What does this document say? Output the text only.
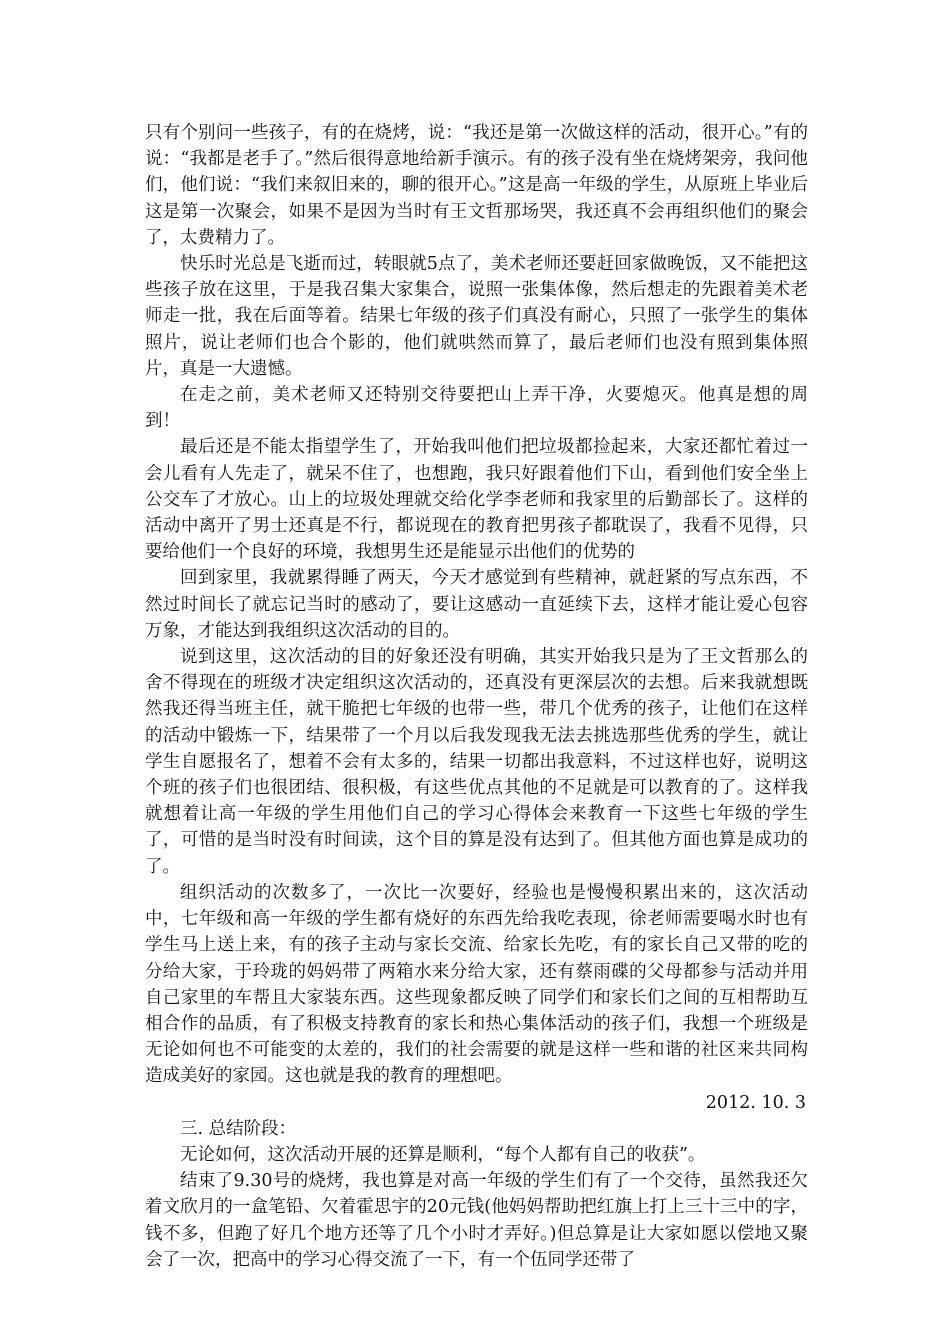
只有个别问一些孩子，有的在烧烤，说：“我还是第一次做这样的活动，很开心。”有的说：“我都是老手了。”然后很得意地给新手演示。有的孩子没有坐在烧烤架旁，我问他们，他们说：“我们来叙旧来的，聊的很开心。”这是高一年级的学生，从原班上毕业后这是第一次聚会，如果不是因为当时有王文哲那场哭，我还真不会再组织他们的聚会了，太费精力了。

快乐时光总是飞逝而过，转眼就5点了，美术老师还要赶回家做晚饭，又不能把这些孩子放在这里，于是我召集大家集合，说照一张集体像，然后想走的先跟着美术老师走一批，我在后面等着。结果七年级的孩子们真没有耐心，只照了一张学生的集体照片，说让老师们也合个影的，他们就哄然而算了，最后老师们也没有照到集体照片，真是一大遗憾。

在走之前，美术老师又还特别交待要把山上弄干净，火要熄灭。他真是想的周到！

最后还是不能太指望学生了，开始我叫他们把垃圾都捡起来，大家还都忙着过一会儿看有人先走了，就呆不住了，也想跑，我只好跟着他们下山，看到他们安全坐上公交车了才放心。山上的垃圾处理就交给化学李老师和我家里的后勤部长了。这样的活动中离开了男士还真是不行，都说现在的教育把男孩子都耽误了，我看不见得，只要给他们一个良好的环境，我想男生还是能显示出他们的优势的

回到家里，我就累得睡了两天，今天才感觉到有些精神，就赶紧的写点东西，不然过时间长了就忘记当时的感动了，要让这感动一直延续下去，这样才能让爱心包容万象，才能达到我组织这次活动的目的。

说到这里，这次活动的目的好象还没有明确，其实开始我只是为了王文哲那么的舍不得现在的班级才决定组织这次活动的，还真没有更深层次的去想。后来我就想既然我还得当班主任，就干脆把七年级的也带一些，带几个优秀的孩子，让他们在这样的活动中锻炼一下，结果带了一个月以后我发现我无法去挑选那些优秀的学生，就让学生自愿报名了，想着不会有太多的，结果一切都出我意料，不过这样也好，说明这个班的孩子们也很团结、很积极，有这些优点其他的不足就是可以教育的了。这样我就想着让高一年级的学生用他们自己的学习心得体会来教育一下这些七年级的学生了，可惜的是当时没有时间读，这个目的算是没有达到了。但其他方面也算是成功的了。

组织活动的次数多了，一次比一次要好，经验也是慢慢积累出来的，这次活动中，七年级和高一年级的学生都有烧好的东西先给我吃表现，徐老师需要喝水时也有学生马上送上来，有的孩子主动与家长交流、给家长先吃，有的家长自己又带的吃的分给大家，于玲珑的妈妈带了两箱水来分给大家，还有蔡雨碟的父母都参与活动并用自己家里的车帮且大家装东西。这些现象都反映了同学们和家长们之间的互相帮助互相合作的品质，有了积极支持教育的家长和热心集体活动的孩子们，我想一个班级是无论如何也不可能变的太差的，我们的社会需要的就是这样一些和谐的社区来共同构造成美好的家园。这也就是我的教育的理想吧。

2012. 10. 3

三. 总结阶段：

无论如何，这次活动开展的还算是顺利，“每个人都有自己的收获”。

结束了9.30号的烧烤，我也算是对高一年级的学生们有了一个交待，虽然我还欠着文欣月的一盒笔铅、欠着霍思宇的20元钱(他妈妈帮助把红旗上打上三十三中的字，钱不多，但跑了好几个地方还等了几个小时才弄好。)但总算是让大家如愿以偿地又聚会了一次，把高中的学习心得交流了一下，有一个伍同学还带了
